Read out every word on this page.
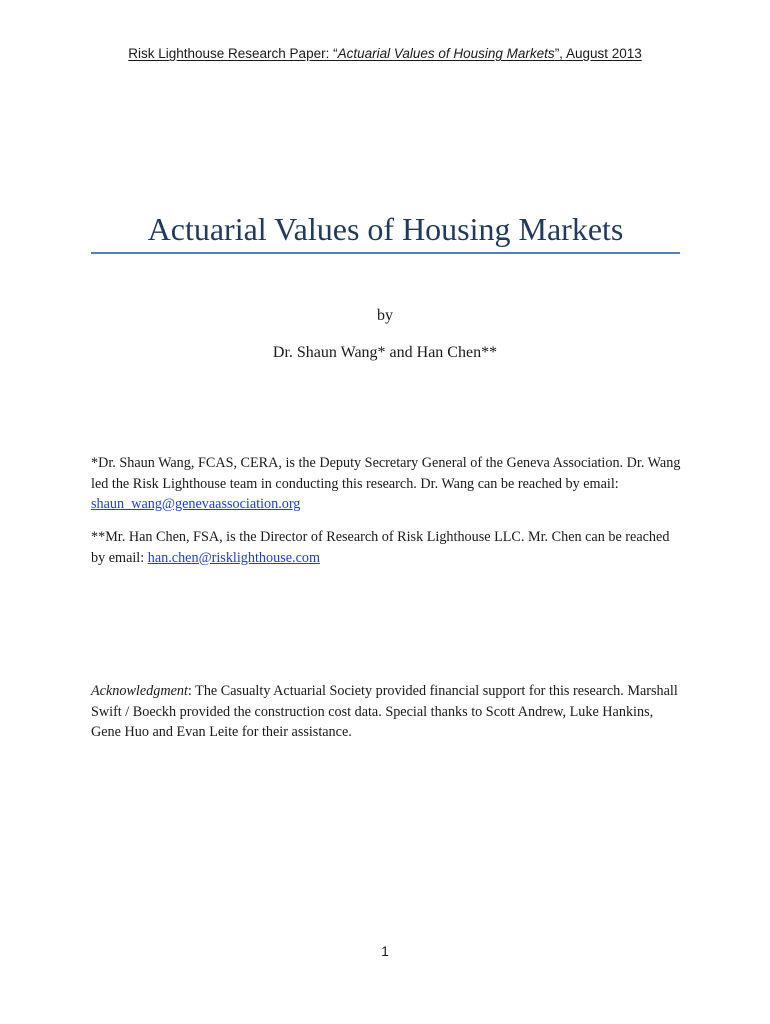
Risk Lighthouse Research Paper: “Actuarial Values of Housing Markets”, August 2013
Actuarial Values of Housing Markets
by
Dr. Shaun Wang* and Han Chen**

*Dr. Shaun Wang, FCAS, CERA, is the Deputy Secretary General of the Geneva Association. Dr. Wang led the Risk Lighthouse team in conducting this research. Dr. Wang can be reached by email: shaun_wang@genevaassociation.org

**Mr. Han Chen, FSA, is the Director of Research of Risk Lighthouse LLC. Mr. Chen can be reached by email: han.chen@risklighthouse.com

Acknowledgment: The Casualty Actuarial Society provided financial support for this research. Marshall Swift / Boeckh provided the construction cost data. Special thanks to Scott Andrew, Luke Hankins, Gene Huo and Evan Leite for their assistance.

1
